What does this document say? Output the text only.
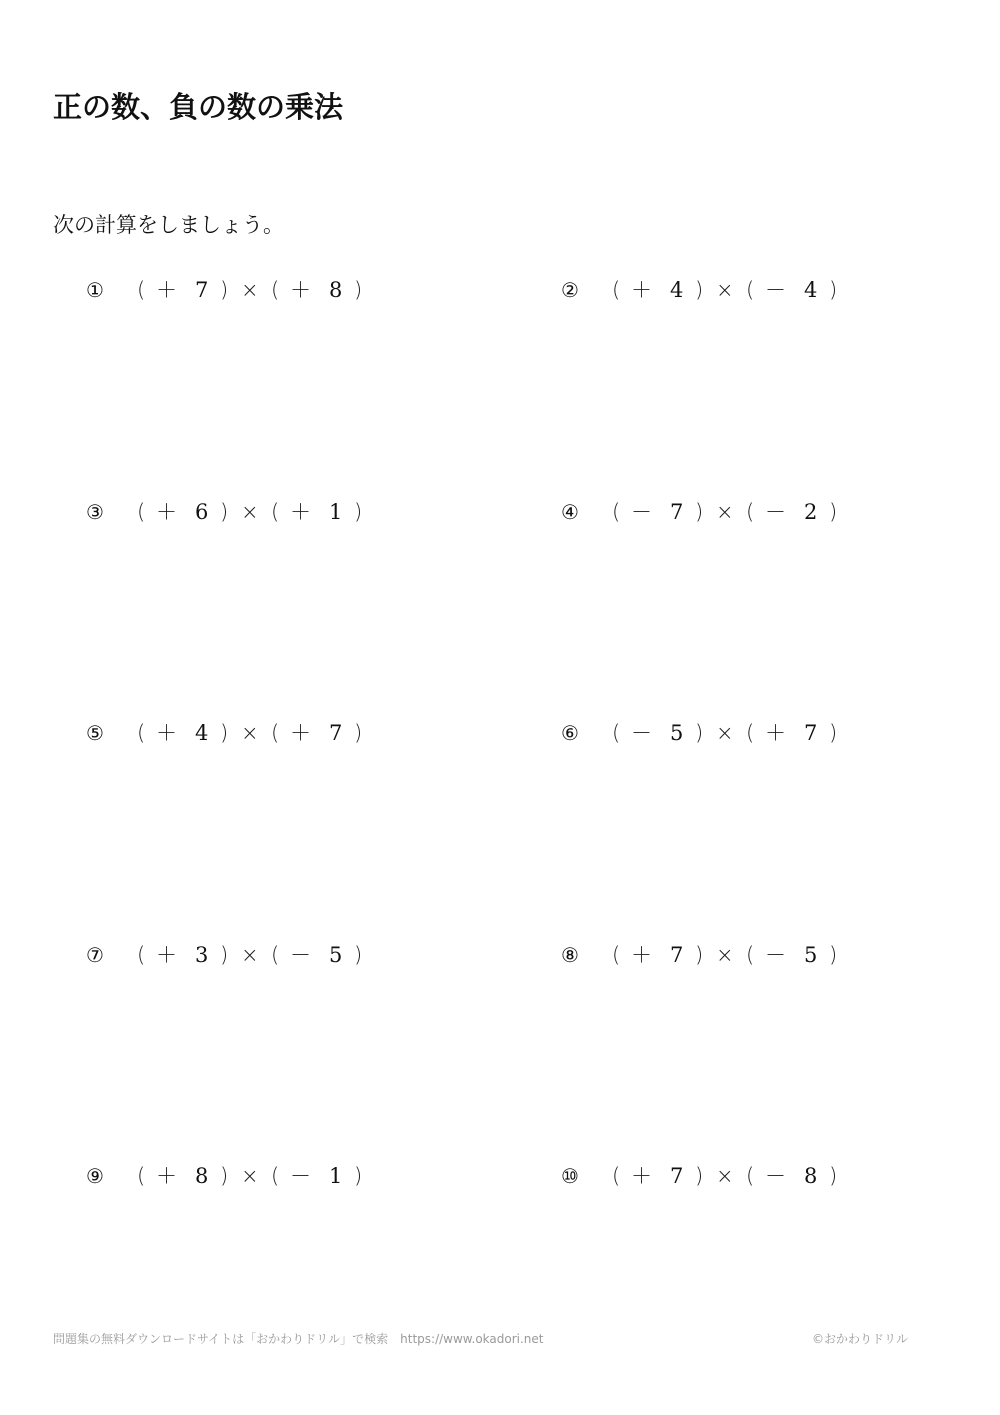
正の数、負の数の乗法
次の計算をしましょう。
① ( ＋ 7 ) × ( ＋ 8 )	② ( ＋ 4 ) × ( － 4 )
③ ( ＋ 6 ) × ( ＋ 1 )	④ ( － 7 ) × ( － 2 )
⑤ ( ＋ 4 ) × ( ＋ 7 )	⑥ ( － 5 ) × ( ＋ 7 )
⑦ ( ＋ 3 ) × ( － 5 )	⑧ ( ＋ 7 ) × ( － 5 )
⑨ ( ＋ 8 ) × ( － 1 )	⑩ ( ＋ 7 ) × ( － 8 )
問題集の無料ダウンロードサイトは「おかわりドリル」で検索　https://www.okadori.net	©おかわりドリル
